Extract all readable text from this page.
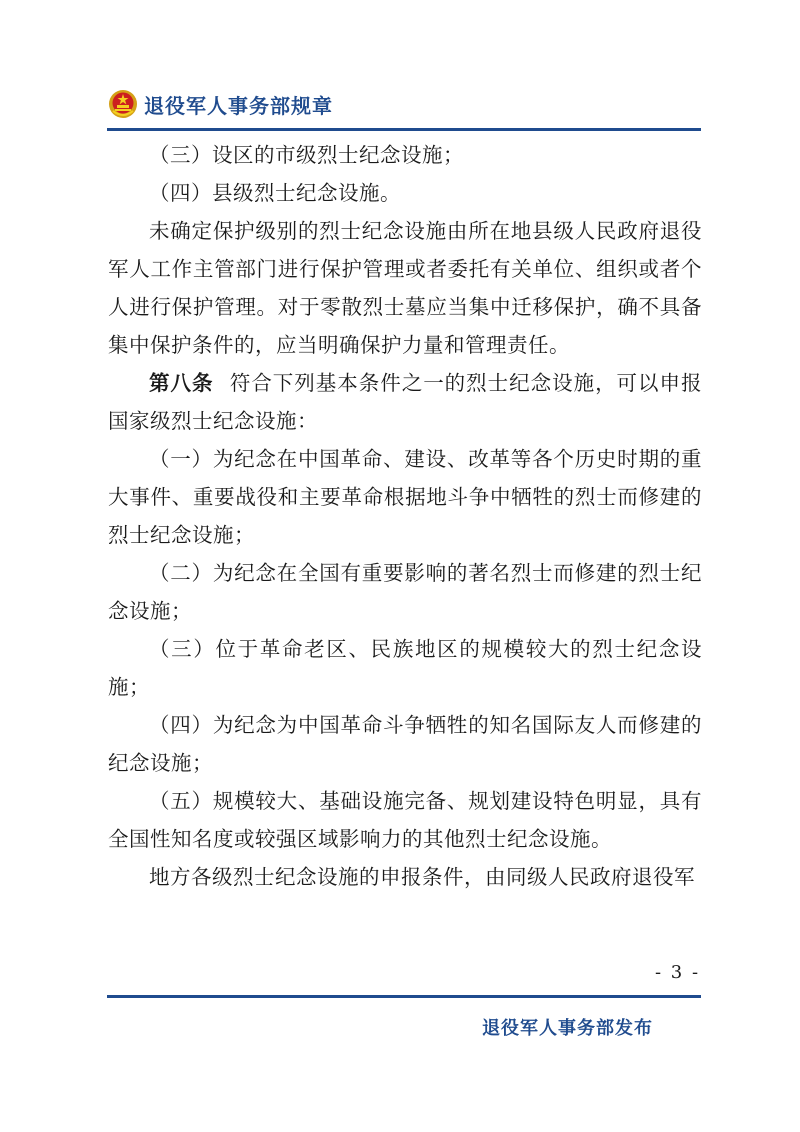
退役军人事务部规章

（三）设区的市级烈士纪念设施；

（四）县级烈士纪念设施。

未确定保护级别的烈士纪念设施由所在地县级人民政府退役军人工作主管部门进行保护管理或者委托有关单位、组织或者个人进行保护管理。对于零散烈士墓应当集中迁移保护，确不具备集中保护条件的，应当明确保护力量和管理责任。

第八条 符合下列基本条件之一的烈士纪念设施，可以申报国家级烈士纪念设施：

（一）为纪念在中国革命、建设、改革等各个历史时期的重大事件、重要战役和主要革命根据地斗争中牺牲的烈士而修建的烈士纪念设施；

（二）为纪念在全国有重要影响的著名烈士而修建的烈士纪念设施；

（三）位于革命老区、民族地区的规模较大的烈士纪念设施；

（四）为纪念为中国革命斗争牺牲的知名国际友人而修建的纪念设施；

（五）规模较大、基础设施完备、规划建设特色明显，具有全国性知名度或较强区域影响力的其他烈士纪念设施。

地方各级烈士纪念设施的申报条件，由同级人民政府退役军

- 3 -
退役军人事务部发布
